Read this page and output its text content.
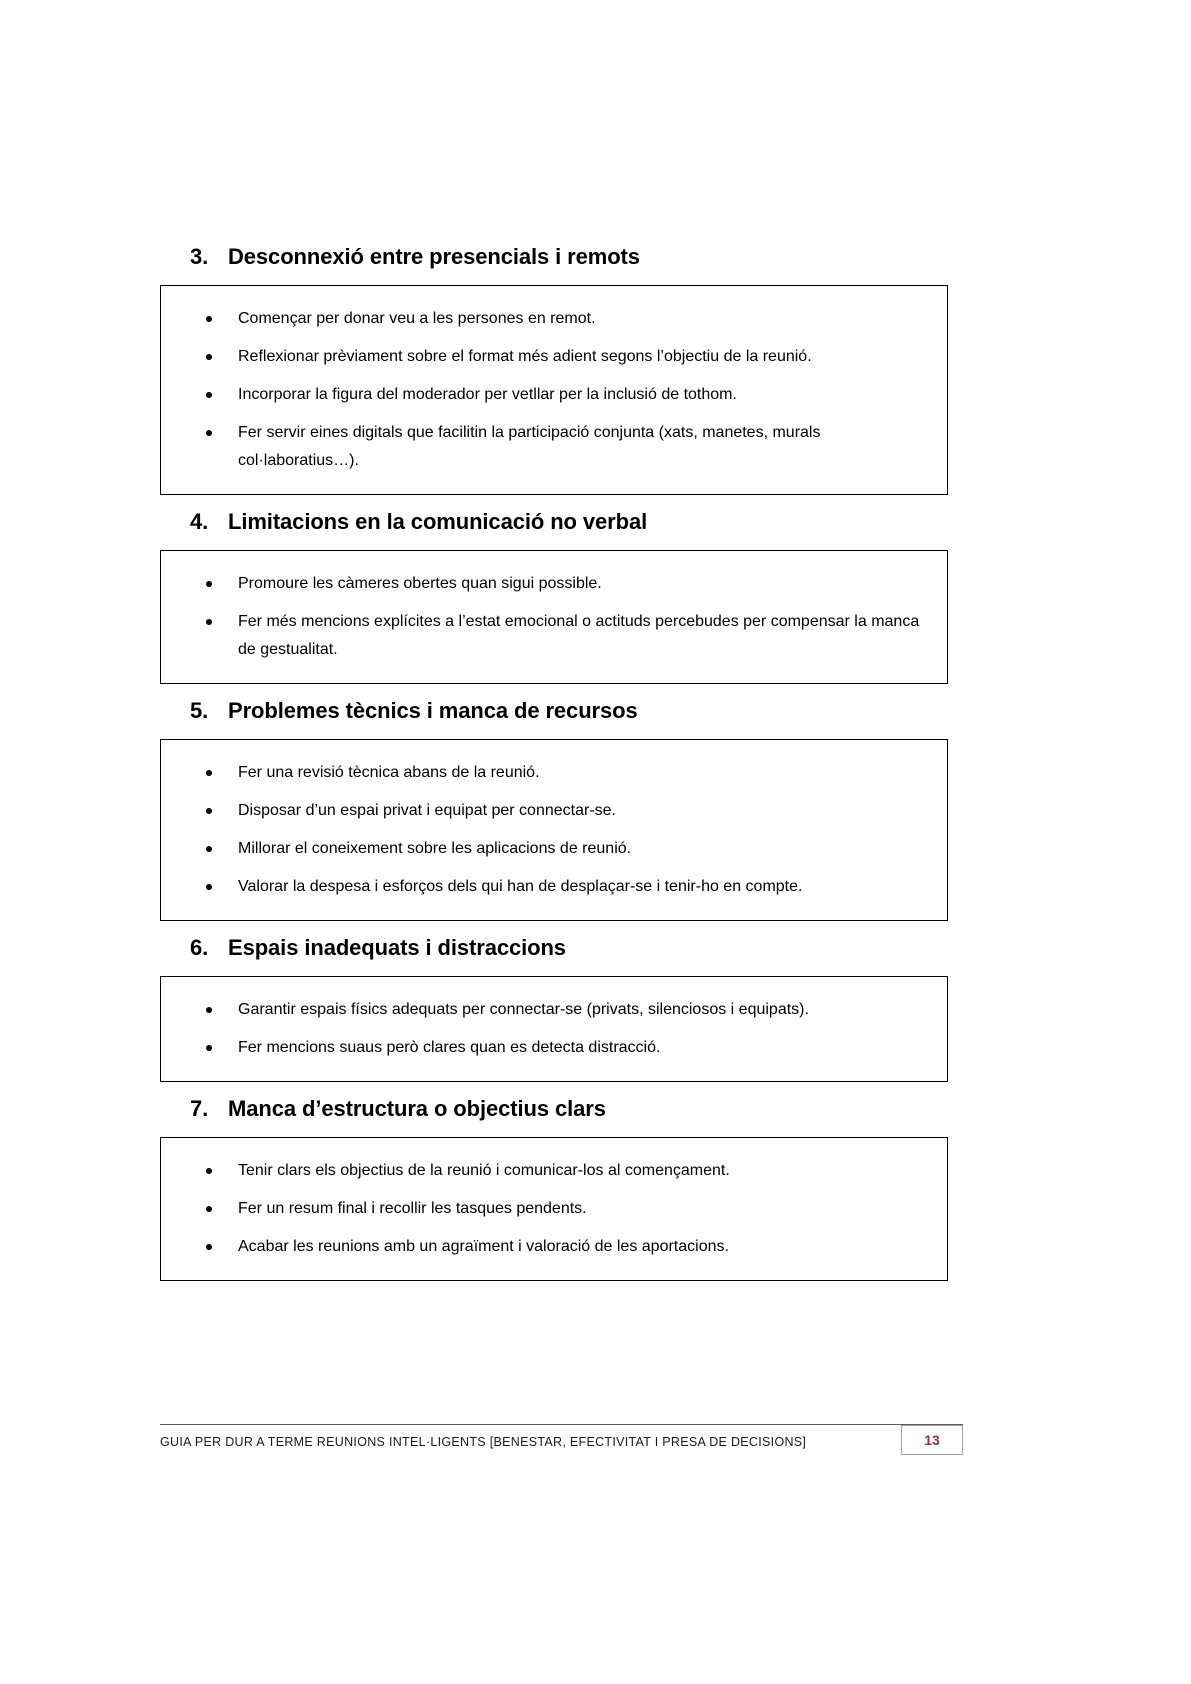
3. Desconnexió entre presencials i remots
Començar per donar veu a les persones en remot.
Reflexionar prèviament sobre el format més adient segons l’objectiu de la reunió.
Incorporar la figura del moderador per vetllar per la inclusió de tothom.
Fer servir eines digitals que facilitin la participació conjunta (xats, manetes, murals col·laboratius…).
4. Limitacions en la comunicació no verbal
Promoure les càmeres obertes quan sigui possible.
Fer més mencions explícites a l’estat emocional o actituds percebudes per compensar la manca de gestualitat.
5. Problemes tècnics i manca de recursos
Fer una revisió tècnica abans de la reunió.
Disposar d’un espai privat i equipat per connectar-se.
Millorar el coneixement sobre les aplicacions de reunió.
Valorar la despesa i esforços dels qui han de desplaçar-se i tenir-ho en compte.
6. Espais inadequats i distraccions
Garantir espais físics adequats per connectar-se (privats, silenciosos i equipats).
Fer mencions suaus però clares quan es detecta distracció.
7. Manca d’estructura o objectius clars
Tenir clars els objectius de la reunió i comunicar-los al començament.
Fer un resum final i recollir les tasques pendents.
Acabar les reunions amb un agraïment i valoració de les aportacions.
GUIA PER DUR A TERME REUNIONS INTEL·LIGENTS [BENESTAR, EFECTIVITAT I PRESA DE DECISIONS]	13
